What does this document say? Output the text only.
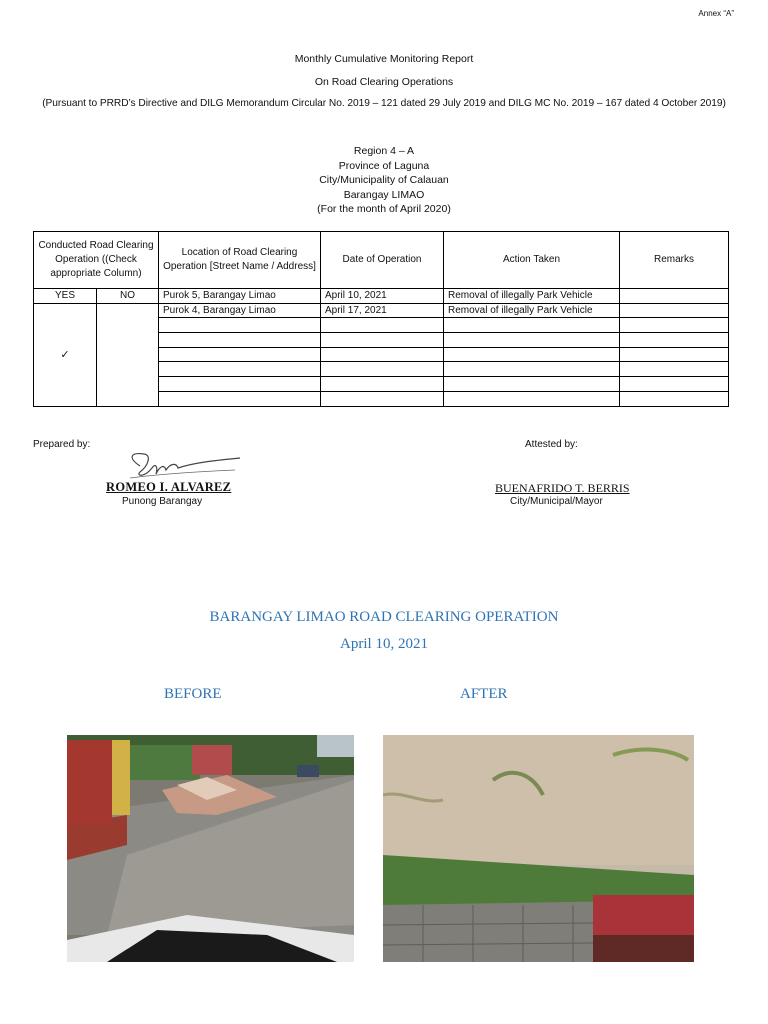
Annex “A”
Monthly Cumulative Monitoring Report
On Road Clearing Operations
(Pursuant to PRRD’s Directive and DILG Memorandum Circular No. 2019 – 121 dated 29 July 2019 and DILG MC No. 2019 – 167 dated 4 October 2019)
Region 4 – A
Province of Laguna
City/Municipality of Calauan
Barangay LIMAO
(For the month of April 2020)
Conducted Road Clearing Operation ((Check appropriate Column)		Location of Road Clearing Operation [Street Name / Address]	Date of Operation	Action Taken	Remarks
YES	NO	Purok 5, Barangay Limao	April 10, 2021	Removal of illegally Park Vehicle	
✓		Purok 4, Barangay Limao	April 17, 2021	Removal of illegally Park Vehicle	

Prepared by:	Attested by:
ROMEO I. ALVAREZ
Punong Barangay
BUENAFRIDO T. BERRIS
City/Municipal/Mayor
BARANGAY LIMAO ROAD CLEARING OPERATION
April 10, 2021
BEFORE	AFTER
